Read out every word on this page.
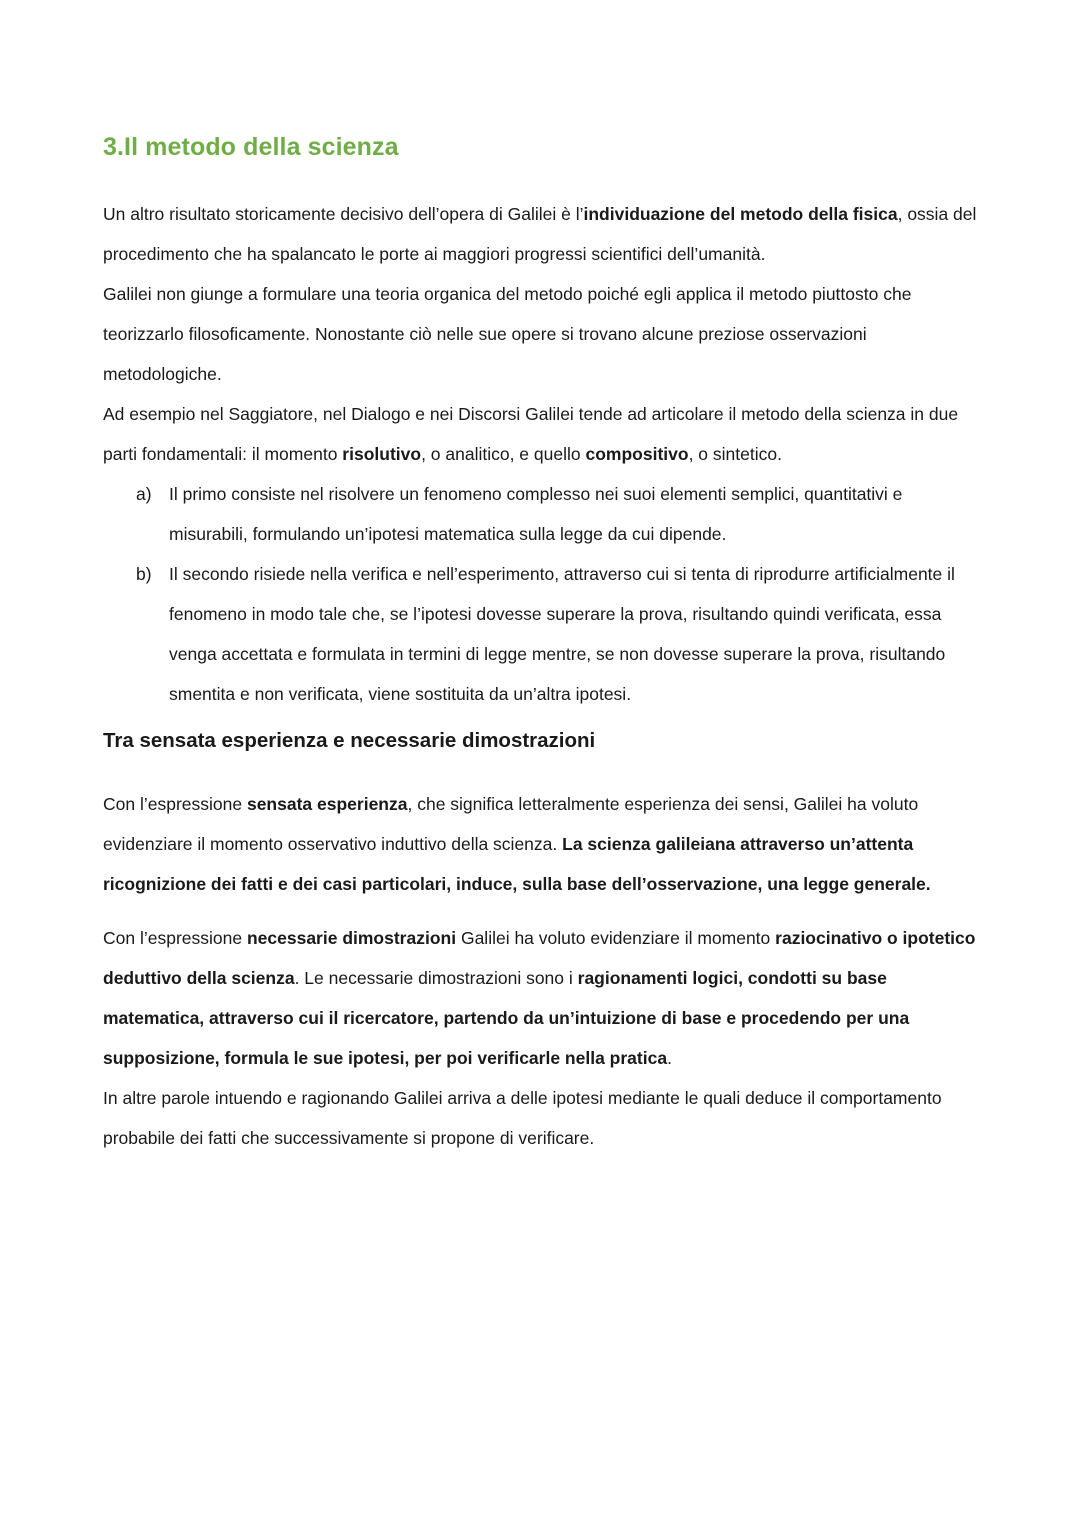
3.Il metodo della scienza

Un altro risultato storicamente decisivo dell’opera di Galilei è l’individuazione del metodo della fisica, ossia del procedimento che ha spalancato le porte ai maggiori progressi scientifici dell’umanità.

Galilei non giunge a formulare una teoria organica del metodo poiché egli applica il metodo piuttosto che teorizzarlo filosoficamente. Nonostante ciò nelle sue opere si trovano alcune preziose osservazioni metodologiche.

Ad esempio nel Saggiatore, nel Dialogo e nei Discorsi Galilei tende ad articolare il metodo della scienza in due parti fondamentali: il momento risolutivo, o analitico, e quello compositivo, o sintetico.

a) Il primo consiste nel risolvere un fenomeno complesso nei suoi elementi semplici, quantitativi e misurabili, formulando un’ipotesi matematica sulla legge da cui dipende.
b) Il secondo risiede nella verifica e nell’esperimento, attraverso cui si tenta di riprodurre artificialmente il fenomeno in modo tale che, se l’ipotesi dovesse superare la prova, risultando quindi verificata, essa venga accettata e formulata in termini di legge mentre, se non dovesse superare la prova, risultando smentita e non verificata, viene sostituita da un’altra ipotesi.
Tra sensata esperienza e necessarie dimostrazioni

Con l’espressione sensata esperienza, che significa letteralmente esperienza dei sensi, Galilei ha voluto evidenziare il momento osservativo induttivo della scienza. La scienza galileiana attraverso un’attenta ricognizione dei fatti e dei casi particolari, induce, sulla base dell’osservazione, una legge generale.

Con l’espressione necessarie dimostrazioni Galilei ha voluto evidenziare il momento raziocinativo o ipotetico deduttivo della scienza. Le necessarie dimostrazioni sono i ragionamenti logici, condotti su base matematica, attraverso cui il ricercatore, partendo da un’intuizione di base e procedendo per una supposizione, formula le sue ipotesi, per poi verificarle nella pratica.

In altre parole intuendo e ragionando Galilei arriva a delle ipotesi mediante le quali deduce il comportamento probabile dei fatti che successivamente si propone di verificare.
